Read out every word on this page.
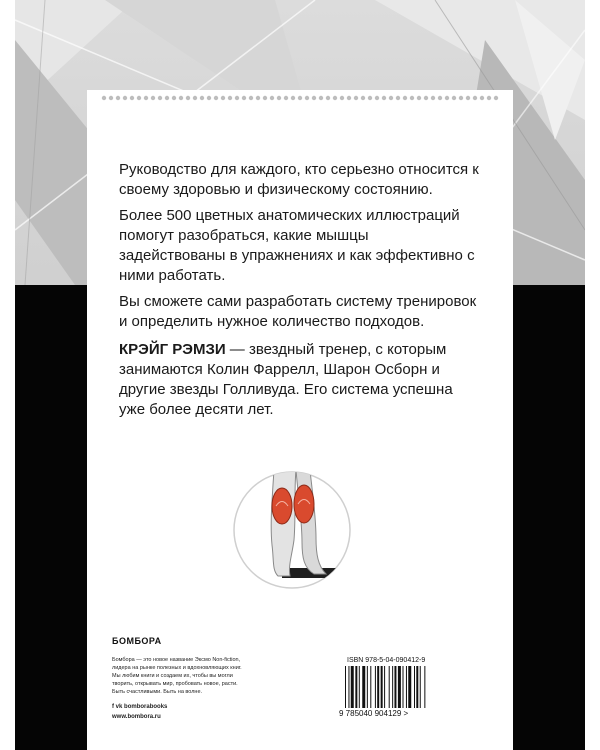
Руководство для каждого, кто серьезно относится к своему здоровью и физическому состоянию.
Более 500 цветных анатомических иллюстраций помогут разобраться, какие мышцы задействованы в упражнениях и как эффективно с ними работать.
Вы сможете сами разработать систему тренировок и определить нужное количество подходов.
КРЭЙГ РЭМЗИ — звездный тренер, с которым занимаются Колин Фаррелл, Шарон Осборн и другие звезды Голливуда. Его система успешна уже более десяти лет.
БОМБОРА
Бомбора — это новое название Эксмо Non-fiction,
лидера на рынке полезных и вдохновляющих книг.
Мы любим книги и создаем их, чтобы вы могли
творить, открывать мир, пробовать новое, расти.
Быть счастливыми. Быть на волне.
f vk bomborabooks
www.bombora.ru
ISBN 978-5-04-090412-9
9 785040 904129 >
